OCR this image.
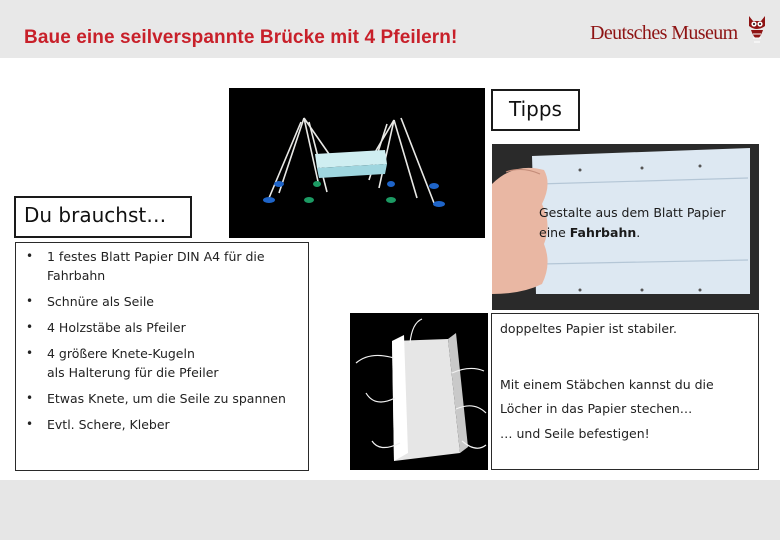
Baue eine seilverspannte Brücke mit 4 Pfeilern!	Deutsches Museum
Gestalte aus dem Blatt Papier
eine Fahrbahn.
Du brauchst…
• 1 festes Blatt Papier DIN A4 für die
Fahrbahn
• Schnüre als Seile
• 4 Holzstäbe als Pfeiler
• 4 größere Knete-Kugeln
als Halterung für die Pfeiler
• Etwas Knete, um die Seile zu spannen
• Evtl. Schere, Kleber
Tipps
doppeltes Papier ist stabiler.
Mit einem Stäbchen kannst du die
Löcher in das Papier stechen…
… und Seile befestigen!
